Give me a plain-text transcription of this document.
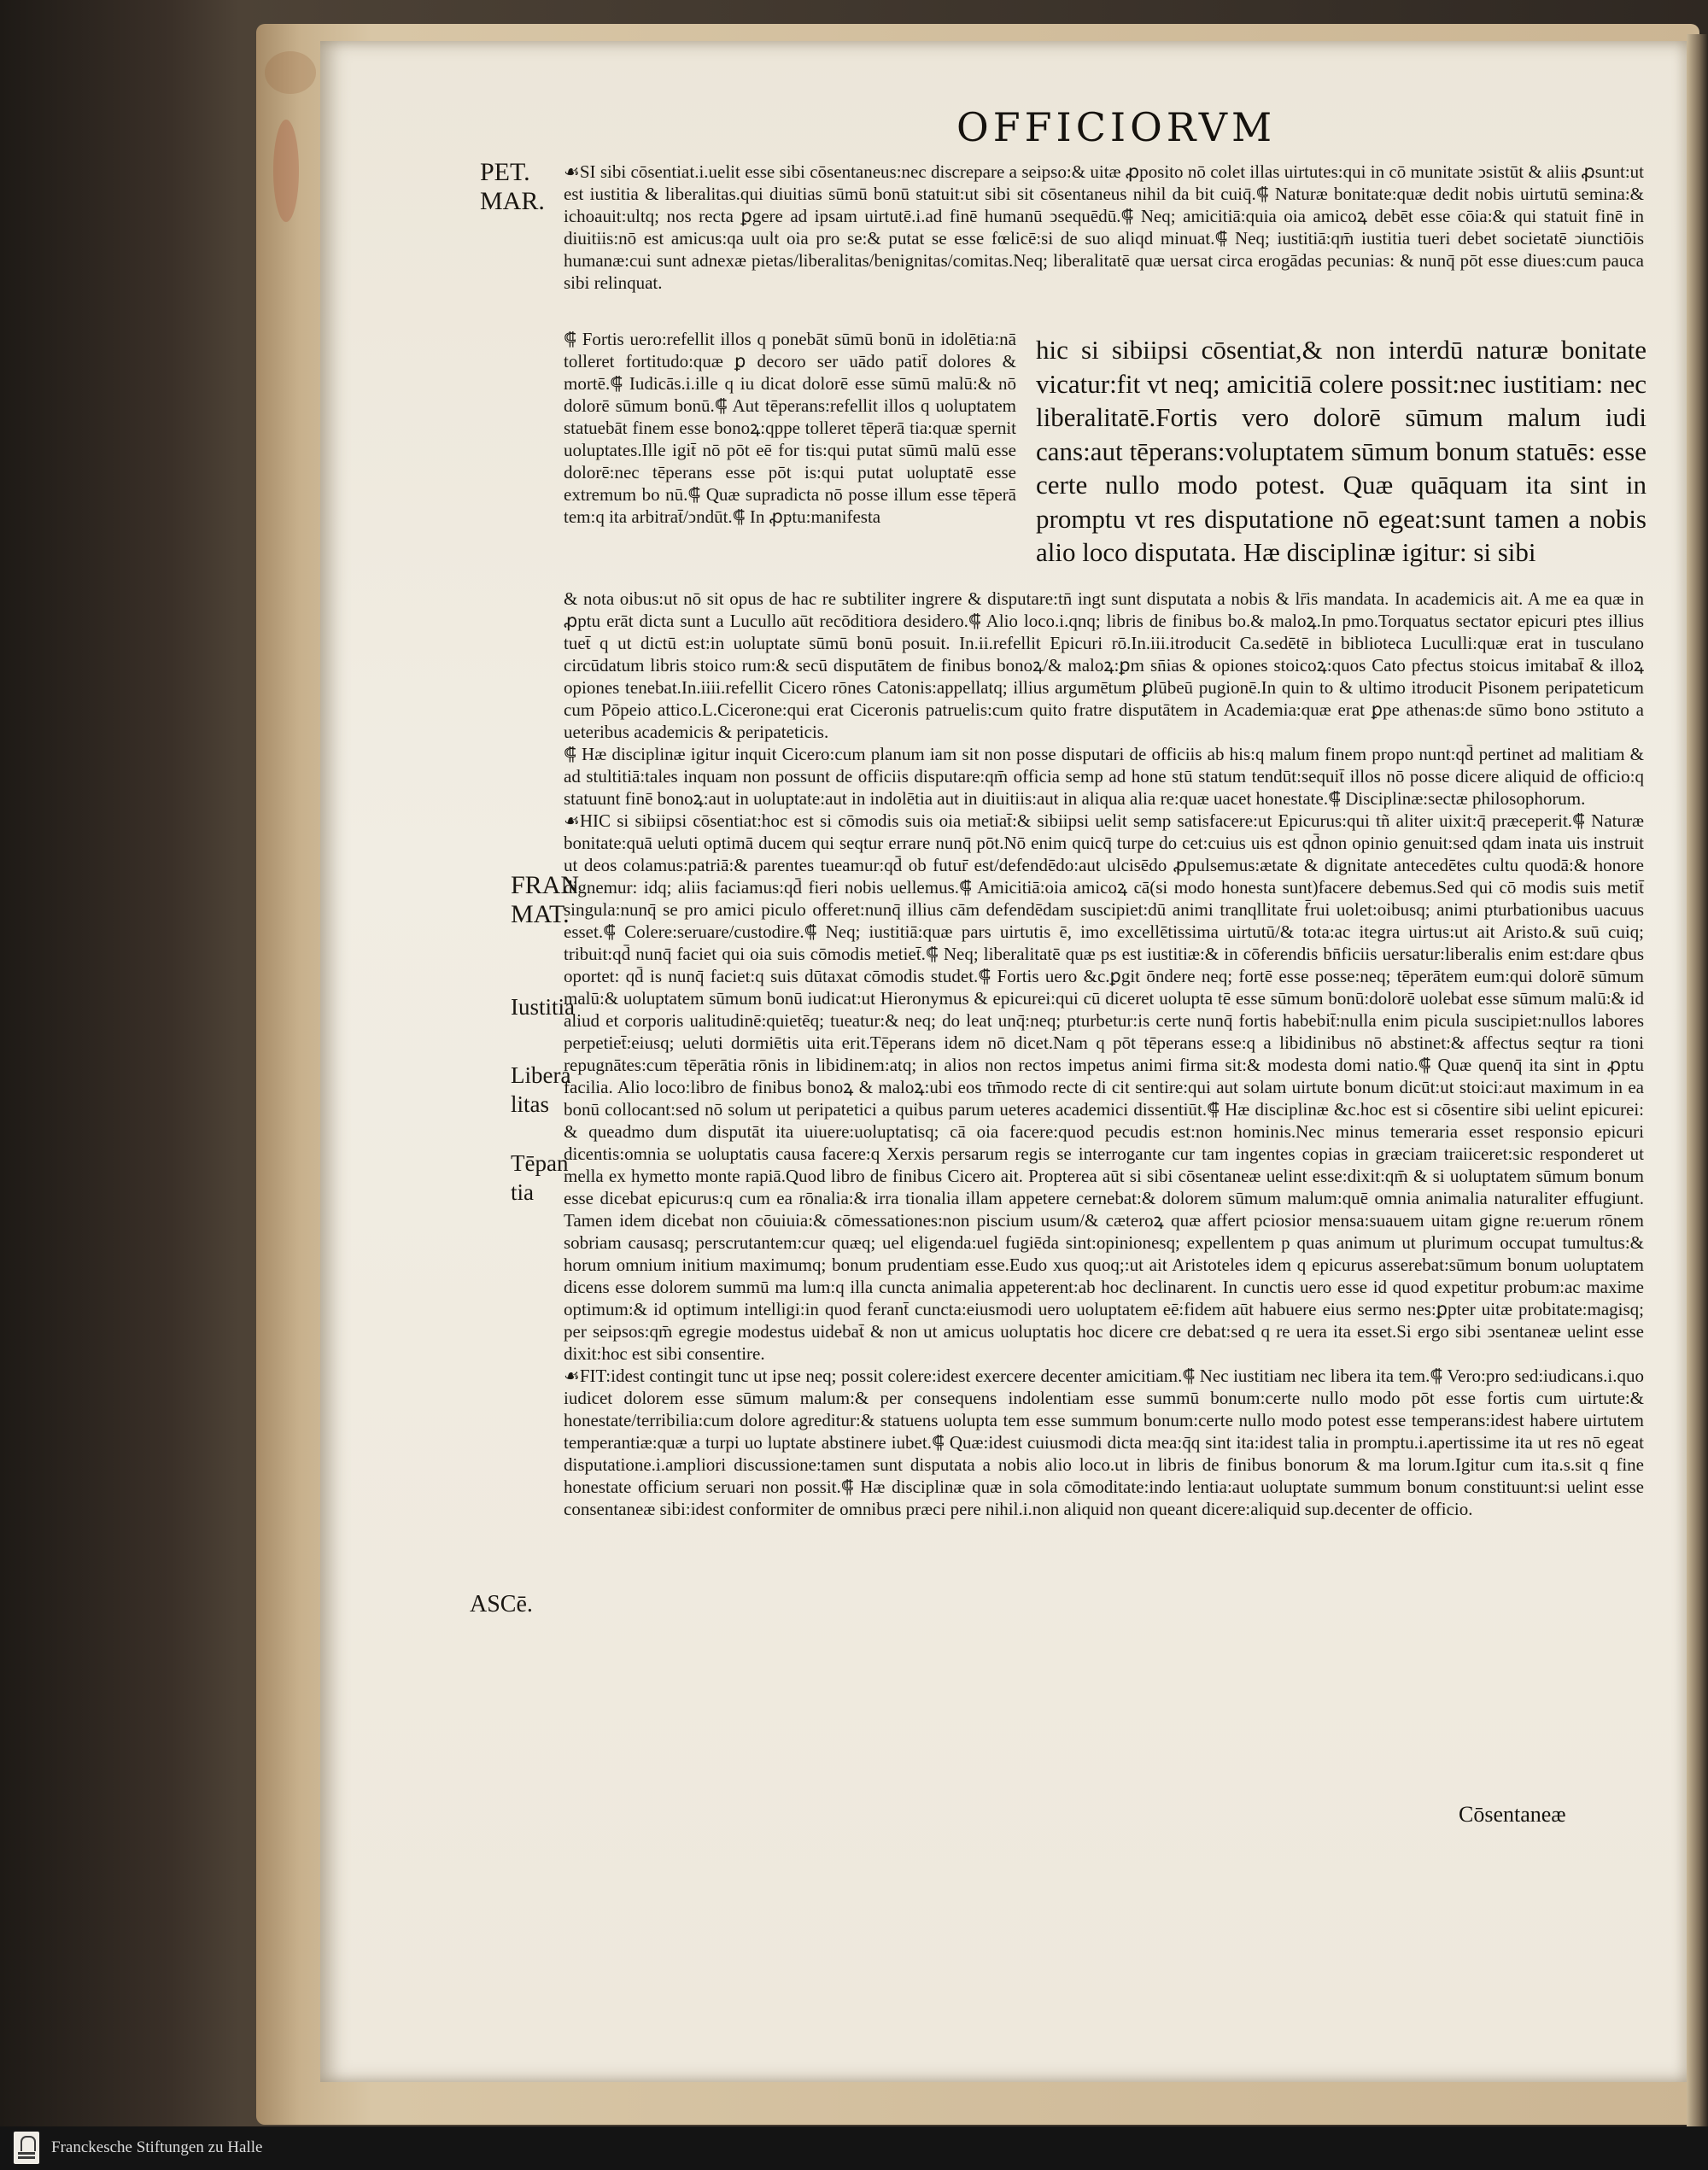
OFFICIORVM
PET. MAR.
FRAN MAT.
Iustitia
Libera litas
Tēpan tia
ASCē.

☙SI sibi cōsentiat.i.uelit esse sibi cōsentaneus:nec discrepare a seipso:& uitæ ꝓposito nō colet illas uirtutes:qui in cō munitate ↄsistūt & aliis ꝓsunt:ut est iustitia & liberalitas.qui diuitias sūmū bonū statuit:ut sibi sit cōsentaneus nihil da bit cuiq̄.⸿ Naturæ bonitate:quæ dedit nobis uirtutū semina:& ichoauit:ultq; nos recta ꝑgere ad ipsam uirtutē.i.ad finē humanū ↄsequēdū.⸿ Neq; amicitiā:quia oia amicoꝝ debēt esse cōia:& qui statuit finē in diuitiis:nō est amicus:qa uult oia pro se:& putat se esse fœlicē:si de suo aliqd minuat.⸿ Neq; iustitiā:qm̄ iustitia tueri debet societatē ↄiunctiōis humanæ:cui sunt adnexæ pietas/liberalitas/benignitas/comitas.Neq; liberalitatē quæ uersat circa erogādas pecunias: & nunq̄ pōt esse diues:cum pauca sibi relinquat.

⸿ Fortis uero:refellit illos q ponebāt sūmū bonū in idolētia:nā tolleret fortitudo:quæ ꝑ decoro ser uādo patit̄ dolores & mortē.⸿ Iudicās.i.ille q iu dicat dolorē esse sūmū malū:& nō dolorē sūmum bonū.⸿ Aut tēperans:refellit illos q uoluptatem statuebāt finem esse bonoꝝ:qppe tolleret tēperā tia:quæ spernit uoluptates.Ille igit̄ nō pōt eē for tis:qui putat sūmū malū esse dolorē:nec tēperans esse pōt is:qui putat uoluptatē esse extremum bo nū.⸿ Quæ supradicta nō posse illum esse tēperā tem:q ita arbitrat̄/ↄndūt.⸿ In ꝓptu:manifesta
hic si sibiipsi cōsentiat,& non interdū naturæ bonitate vicatur:fit vt neq; amicitiā colere possit:nec iustitiam: nec liberalitatē.Fortis vero dolorē sūmum malum iudi cans:aut tēperans:voluptatem sūmum bonum statuēs: esse certe nullo modo potest. Quæ quāquam ita sint in promptu vt res disputatione nō egeat:sunt tamen a nobis alio loco disputata. Hæ disciplinæ igitur: si sibi

& nota oibus:ut nō sit opus de hac re subtiliter ingrere & disputare:tn̄ ingt sunt disputata a nobis & lr̄is mandata. In academicis ait. A me ea quæ in ꝓptu erāt dicta sunt a Lucullo aūt recōditiora desidero.⸿ Alio loco.i.qnq; libris de finibus bo.& maloꝝ.In pmo.Torquatus sectator epicuri ptes illius tuet̄ q ut dictū est:in uoluptate sūmū bonū posuit. In.ii.refellit Epicuri rō.In.iii.itroducit Ca.sedētē in biblioteca Luculli:quæ erat in tusculano circūdatum libris stoico rum:& secū disputātem de finibus bonoꝝ/& maloꝝ:ꝑm sn̄ias & opiones stoicoꝝ:quos Cato pfectus stoicus imitabat̄ & illoꝝ opiones tenebat.In.iiii.refellit Cicero rōnes Catonis:appellatq; illius argumētum ꝑlūbeū pugionē.In quin to & ultimo itroducit Pisonem peripateticum cum Pōpeio attico.L.Cicerone:qui erat Ciceronis patruelis:cum quito fratre disputātem in Academia:quæ erat ꝑpe athenas:de sūmo bono ↄstituto a ueteribus academicis & peripateticis.

⸿ Hæ disciplinæ igitur inquit Cicero:cum planum iam sit non posse disputari de officiis ab his:q malum finem propo nunt:qd̄ pertinet ad malitiam & ad stultitiā:tales inquam non possunt de officiis disputare:qm̄ officia semp ad hone stū statum tendūt:sequit̄ illos nō posse dicere aliquid de officio:q statuunt finē bonoꝝ:aut in uoluptate:aut in indolētia aut in diuitiis:aut in aliqua alia re:quæ uacet honestate.⸿ Disciplinæ:sectæ philosophorum.

☙HIC si sibiipsi cōsentiat:hoc est si cōmodis suis oia metiat̄:& sibiipsi uelit semp satisfacere:ut Epicurus:qui tñ aliter uixit:q̄ præceperit.⸿ Naturæ bonitate:quā ueluti optimā ducem qui seqtur errare nunq̄ pōt.Nō enim quicq̄ turpe do cet:cuius uis est qd̄non opinio genuit:sed qdam inata uis instruit ut deos colamus:patriā:& parentes tueamur:qd̄ ob futur̄ est/defendēdo:aut ulcisēdo ꝓpulsemus:ætate & dignitate antecedētes cultu quodā:& honore dignemur: idq; aliis faciamus:qd̄ fieri nobis uellemus.⸿ Amicitiā:oia amicoꝝ cā(si modo honesta sunt)facere debemus.Sed qui cō modis suis metit̄ singula:nunq̄ se pro amici piculo offeret:nunq̄ illius cām defendēdam suscipiet:dū animi tranqllitate f̄rui uolet:oibusq; animi pturbationibus uacuus esset.⸿ Colere:seruare/custodire.⸿ Neq; iustitiā:quæ pars uirtutis ē, imo excellētissima uirtutū/& tota:ac itegra uirtus:ut ait Aristo.& suū cuiq; tribuit:qd̄ nunq̄ faciet qui oia suis cōmodis metiet̄.⸿ Neq; liberalitatē quæ ps est iustitiæ:& in cōferendis bn̄ficiis uersatur:liberalis enim est:dare qbus oportet: qd̄ is nunq̄ faciet:q suis dūtaxat cōmodis studet.⸿ Fortis uero &c.ꝑgit ōndere neq; fortē esse posse:neq; tēperātem eum:qui dolorē sūmum malū:& uoluptatem sūmum bonū iudicat:ut Hieronymus & epicurei:qui cū diceret uolupta tē esse sūmum bonū:dolorē uolebat esse sūmum malū:& id aliud et corporis ualitudinē:quietēq; tueatur:& neq; do leat unq̄:neq; pturbetur:is certe nunq̄ fortis habebit̄:nulla enim picula suscipiet:nullos labores perpetiet̄:eiusq; ueluti dormiētis uita erit.Tēperans idem nō dicet.Nam q pōt tēperans esse:q a libidinibus nō abstinet:& affectus seqtur ra tioni repugnātes:cum tēperātia rōnis in libidinem:atq; in alios non rectos impetus animi firma sit:& modesta domi natio.⸿ Quæ quenq̄ ita sint in ꝓptu facilia. Alio loco:libro de finibus bonoꝝ & maloꝝ:ubi eos tm̄modo recte di cit sentire:qui aut solam uirtute bonum dicūt:ut stoici:aut maximum in ea bonū collocant:sed nō solum ut peripatetici a quibus parum ueteres academici dissentiūt.⸿ Hæ disciplinæ &c.hoc est si cōsentire sibi uelint epicurei: & queadmo dum disputāt ita uiuere:uoluptatisq; cā oia facere:quod pecudis est:non hominis.Nec minus temeraria esset responsio epicuri dicentis:omnia se uoluptatis causa facere:q Xerxis persarum regis se interrogante cur tam ingentes copias in græciam traiiceret:sic responderet ut mella ex hymetto monte rapiā.Quod libro de finibus Cicero ait. Propterea aūt si sibi cōsentaneæ uelint esse:dixit:qm̄ & si uoluptatem sūmum bonum esse dicebat epicurus:q cum ea rōnalia:& irra tionalia illam appetere cernebat:& dolorem sūmum malum:quē omnia animalia naturaliter effugiunt. Tamen idem dicebat non cōuiuia:& cōmessationes:non piscium usum/& cæteroꝝ quæ affert pciosior mensa:suauem uitam gigne re:uerum rōnem sobriam causasq; perscrutantem:cur quæq; uel eligenda:uel fugiēda sint:opinionesq; expellentem p quas animum ut plurimum occupat tumultus:& horum omnium initium maximumq; bonum prudentiam esse.Eudo xus quoq;:ut ait Aristoteles idem q epicurus asserebat:sūmum bonum uoluptatem dicens esse dolorem summū ma lum:q illa cuncta animalia appeterent:ab hoc declinarent. In cunctis uero esse id quod expetitur probum:ac maxime optimum:& id optimum intelligi:in quod ferant̄ cuncta:eiusmodi uero uoluptatem eē:fidem aūt habuere eius sermo nes:ꝑpter uitæ probitate:magisq; per seipsos:qm̄ egregie modestus uidebat̄ & non ut amicus uoluptatis hoc dicere cre debat:sed q re uera ita esset.Si ergo sibi ↄsentaneæ uelint esse dixit:hoc est sibi consentire.

☙FIT:idest contingit tunc ut ipse neq; possit colere:idest exercere decenter amicitiam.⸿ Nec iustitiam nec libera ita tem.⸿ Vero:pro sed:iudicans.i.quo iudicet dolorem esse sūmum malum:& per consequens indolentiam esse summū bonum:certe nullo modo pōt esse fortis cum uirtute:& honestate/terribilia:cum dolore agreditur:& statuens uolupta tem esse summum bonum:certe nullo modo potest esse temperans:idest habere uirtutem temperantiæ:quæ a turpi uo luptate abstinere iubet.⸿ Quæ:idest cuiusmodi dicta mea:q̄q sint ita:idest talia in promptu.i.apertissime ita ut res nō egeat disputatione.i.ampliori discussione:tamen sunt disputata a nobis alio loco.ut in libris de finibus bonorum & ma lorum.Igitur cum ita.s.sit q fine honestate officium seruari non possit.⸿ Hæ disciplinæ quæ in sola cōmoditate:indo lentia:aut uoluptate summum bonum constituunt:si uelint esse consentaneæ sibi:idest conformiter de omnibus præci pere nihil.i.non aliquid non queant dicere:aliquid sup.decenter de officio.

Cōsentaneæ
Franckesche Stiftungen zu Halle
